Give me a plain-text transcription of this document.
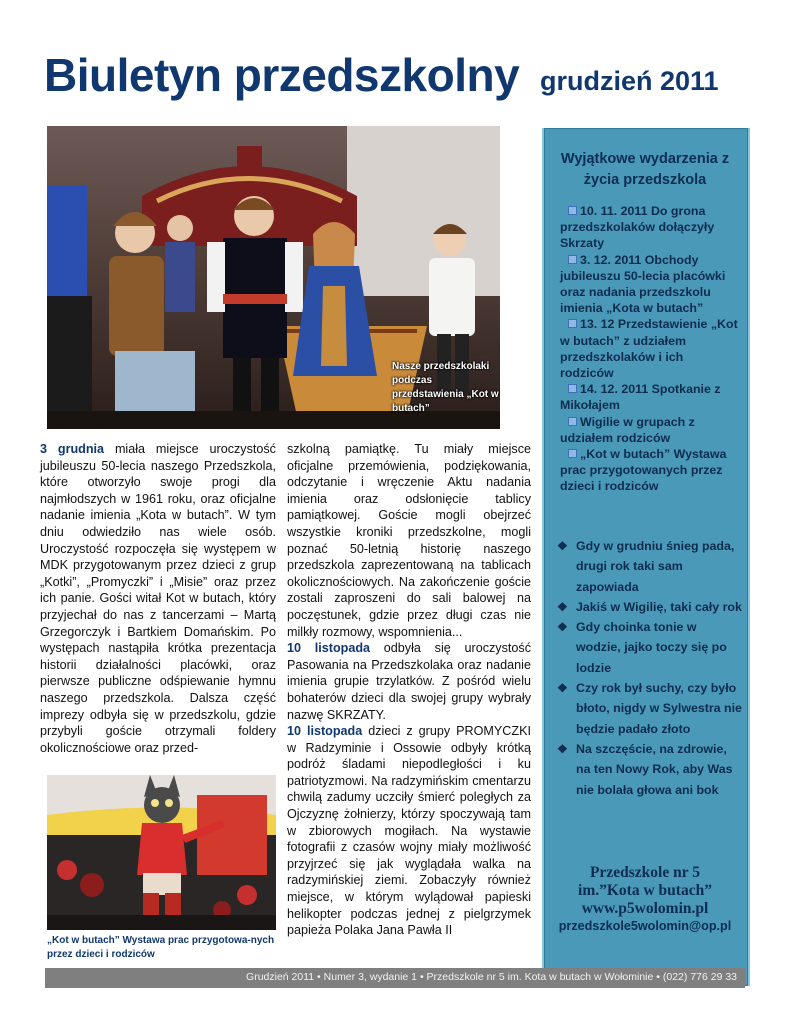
Biuletyn przedszkolny grudzień 2011
Nasze przedszkolaki podczas przedstawienia „Kot w butach”

3 grudnia miała miejsce uroczystość jubileuszu 50-lecia naszego Przedszkola, które otworzyło swoje progi dla najmłodszych w 1961 roku, oraz oficjalne nadanie imienia „Kota w butach”. W tym dniu odwiedziło nas wiele osób. Uroczystość rozpoczęła się występem w MDK przygotowanym przez dzieci z grup „Kotki”, „Promyczki” i „Misie” oraz przez ich panie. Gości witał Kot w butach, który przyjechał do nas z tancerzami – Martą Grzegorczyk i Bartkiem Domańskim. Po występach nastąpiła krótka prezentacja historii działalności placówki, oraz pierwsze publiczne odśpiewanie hymnu naszego przedszkola. Dalsza część imprezy odbyła się w przedszkolu, gdzie przybyli goście otrzymali foldery okolicznościowe oraz przed-

szkolną pamiątkę. Tu miały miejsce oficjalne przemówienia, podziękowania, odczytanie i wręczenie Aktu nadania imienia oraz odsłonięcie tablicy pamiątkowej. Goście mogli obejrzeć wszystkie kroniki przedszkolne, mogli poznać 50-letnią historię naszego przedszkola zaprezentowaną na tablicach okolicznościowych. Na zakończenie goście zostali zaproszeni do sali balowej na poczęstunek, gdzie przez długi czas nie milkły rozmowy, wspomnienia...

10 listopada odbyła się uroczystość Pasowania na Przedszkolaka oraz nadanie imienia grupie trzylatków. Z pośród wielu bohaterów dzieci dla swojej grupy wybrały nazwę SKRZATY.

10 listopada dzieci z grupy PROMYCZKI w Radzyminie i Ossowie odbyły krótką podróż śladami niepodległości i ku patriotyzmowi. Na radzymińskim cmentarzu chwilą zadumy uczciły śmierć poległych za Ojczyznę żołnierzy, którzy spoczywają tam w zbiorowych mogiłach. Na wystawie fotografii z czasów wojny miały możliwość przyjrzeć się jak wyglądała walka na radzymińskiej ziemi. Zobaczyły również miejsce, w którym wylądował papieski helikopter podczas jednej z pielgrzymek papieża Polaka Jana Pawła II

„Kot w butach” Wystawa prac przygotowa-nych przez dzieci i rodziców
Wyjątkowe wydarzenia z życia przedszkola
10. 11. 2011 Do grona przedszkolaków dołączyły Skrzaty
3. 12. 2011 Obchody jubileuszu 50-lecia placówki oraz nadania przedszkolu imienia „Kota w butach”
13. 12 Przedstawienie „Kot w butach” z udziałem przedszkolaków i ich rodziców
14. 12. 2011 Spotkanie z Mikołajem
Wigilie w grupach z udziałem rodziców
„Kot w butach” Wystawa prac przygotowanych przez dzieci i rodziców
❖ Gdy w grudniu śnieg pada, drugi rok taki sam zapowiada
❖ Jakiś w Wigilię, taki cały rok
❖ Gdy choinka tonie w wodzie, jajko toczy się po lodzie
❖ Czy rok był suchy, czy było błoto, nigdy w Sylwestra nie będzie padało złoto
❖ Na szczęście, na zdrowie, na ten Nowy Rok, aby Was nie bolała głowa ani bok
Przedszkole nr 5
im.”Kota w butach”
www.p5wolomin.pl
przedszkole5wolomin@op.pl
Grudzień 2011 • Numer 3, wydanie 1 • Przedszkole nr 5 im. Kota w butach w Wołominie • (022) 776 29 33
